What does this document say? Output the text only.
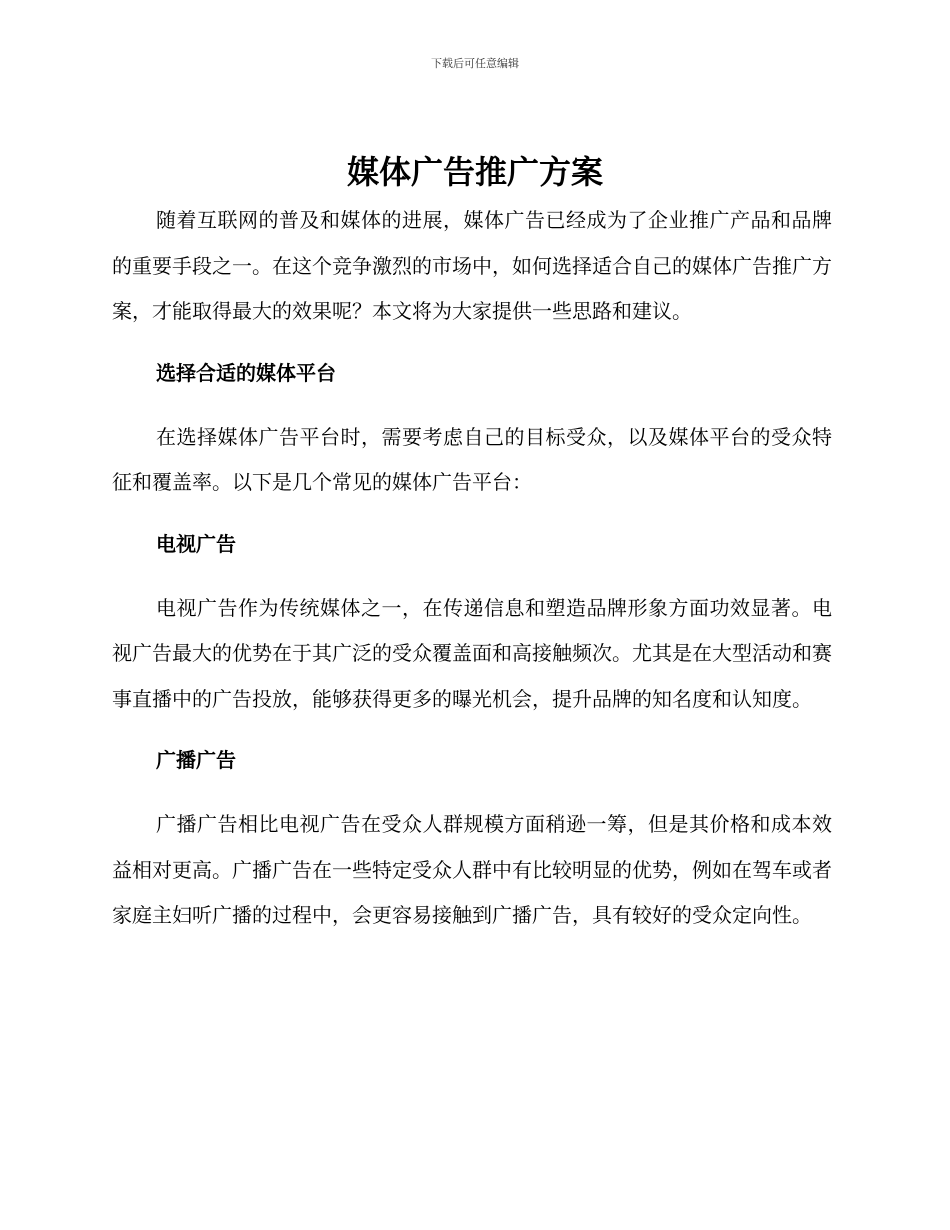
下载后可任意编辑
媒体广告推广方案

随着互联网的普及和媒体的进展，媒体广告已经成为了企业推广产品和品牌的重要手段之一。在这个竞争激烈的市场中，如何选择适合自己的媒体广告推广方案，才能取得最大的效果呢？本文将为大家提供一些思路和建议。

选择合适的媒体平台

在选择媒体广告平台时，需要考虑自己的目标受众，以及媒体平台的受众特征和覆盖率。以下是几个常见的媒体广告平台：

电视广告

电视广告作为传统媒体之一，在传递信息和塑造品牌形象方面功效显著。电视广告最大的优势在于其广泛的受众覆盖面和高接触频次。尤其是在大型活动和赛事直播中的广告投放，能够获得更多的曝光机会，提升品牌的知名度和认知度。

广播广告

广播广告相比电视广告在受众人群规模方面稍逊一筹，但是其价格和成本效益相对更高。广播广告在一些特定受众人群中有比较明显的优势，例如在驾车或者家庭主妇听广播的过程中，会更容易接触到广播广告，具有较好的受众定向性。
